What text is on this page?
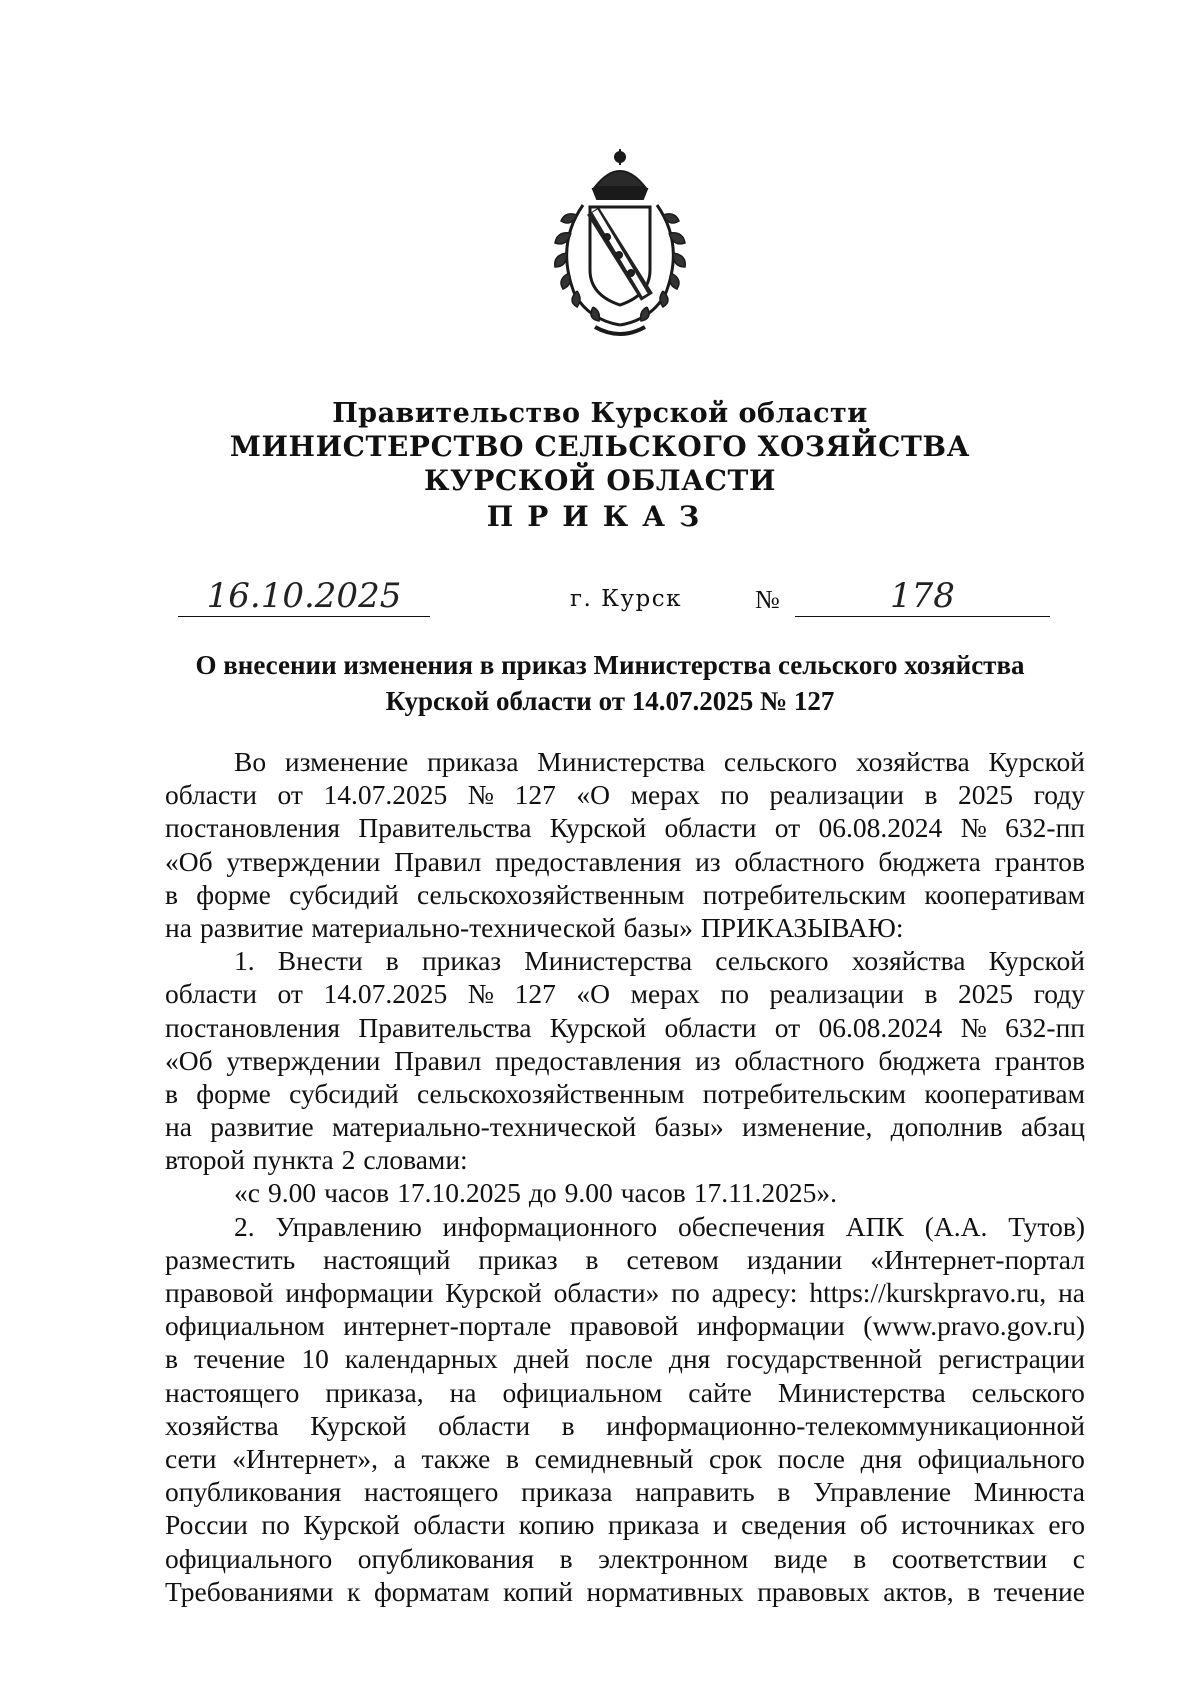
Правительство Курской области
МИНИСТЕРСТВО СЕЛЬСКОГО ХОЗЯЙСТВА
КУРСКОЙ ОБЛАСТИ
ПРИКАЗ
16.10.2025	г. Курск	№	178
О внесении изменения в приказ Министерства сельского хозяйства
Курской области от 14.07.2025 № 127
Во изменение приказа Министерства сельского хозяйства Курской
области от 14.07.2025 № 127 «О мерах по реализации в 2025 году
постановления Правительства Курской области от 06.08.2024 № 632-пп
«Об утверждении Правил предоставления из областного бюджета грантов
в форме субсидий сельскохозяйственным потребительским кооперативам
на развитие материально-технической базы» ПРИКАЗЫВАЮ:
1. Внести в приказ Министерства сельского хозяйства Курской
области от 14.07.2025 № 127 «О мерах по реализации в 2025 году
постановления Правительства Курской области от 06.08.2024 № 632-пп
«Об утверждении Правил предоставления из областного бюджета грантов
в форме субсидий сельскохозяйственным потребительским кооперативам
на развитие материально-технической базы» изменение, дополнив абзац
второй пункта 2 словами:
«с 9.00 часов 17.10.2025 до 9.00 часов 17.11.2025».
2. Управлению информационного обеспечения АПК (А.А. Тутов)
разместить настоящий приказ в сетевом издании «Интернет-портал
правовой информации Курской области» по адресу: https://kurskpravo.ru, на
официальном интернет-портале правовой информации (www.pravo.gov.ru)
в течение 10 календарных дней после дня государственной регистрации
настоящего приказа, на официальном сайте Министерства сельского
хозяйства Курской области в информационно-телекоммуникационной
сети «Интернет», а также в семидневный срок после дня официального
опубликования настоящего приказа направить в Управление Минюста
России по Курской области копию приказа и сведения об источниках его
официального опубликования в электронном виде в соответствии с
Требованиями к форматам копий нормативных правовых актов, в течение
